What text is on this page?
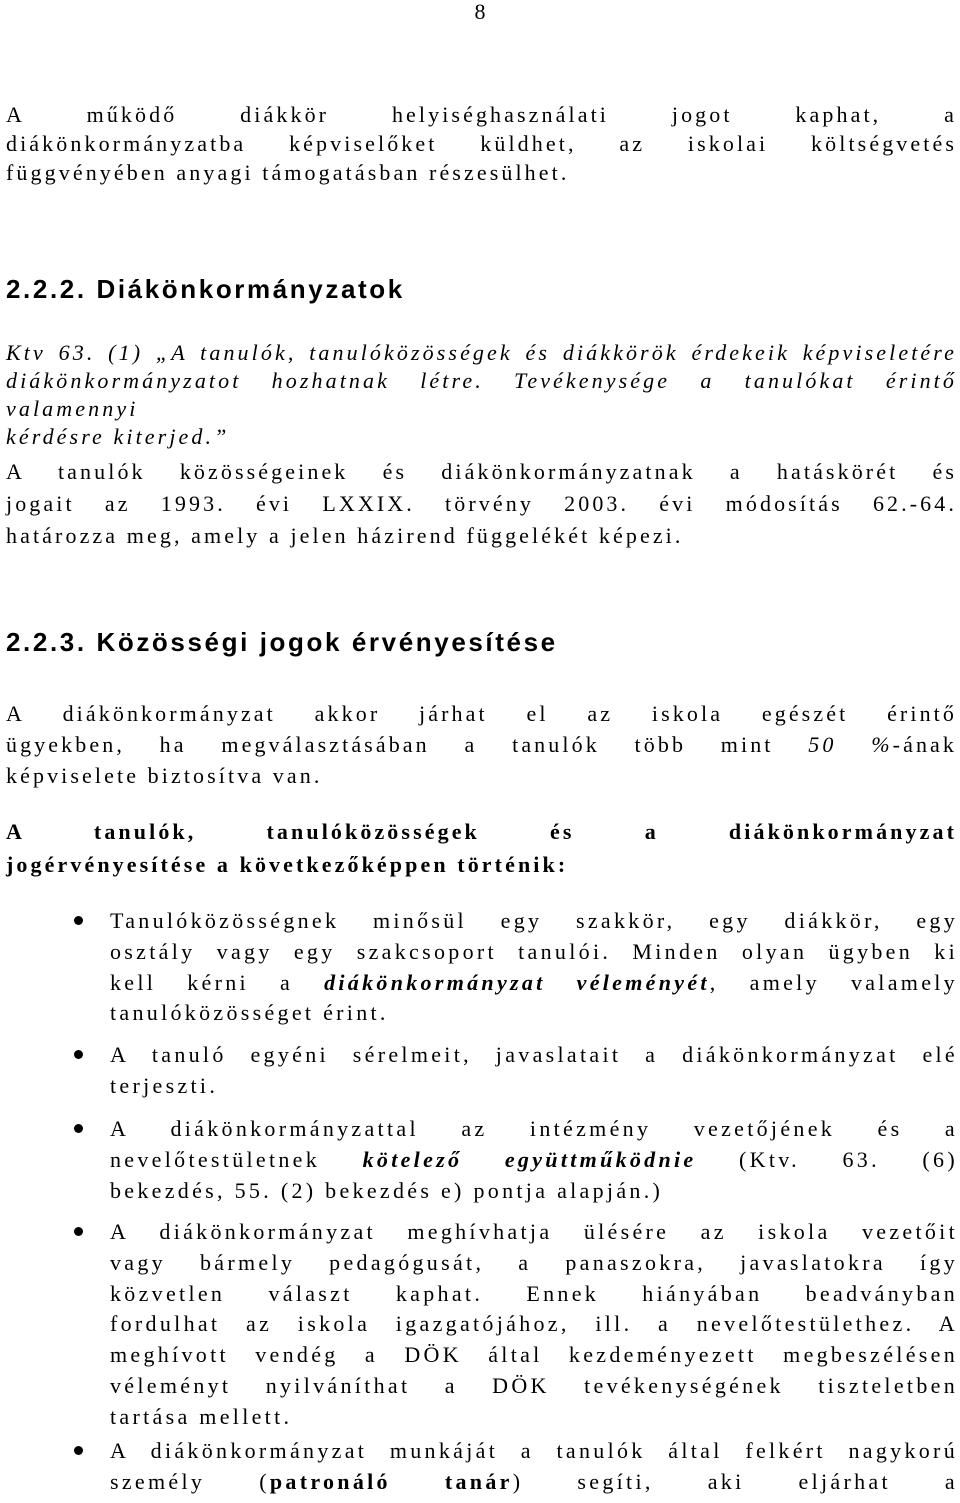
8

A működő diákkör helyiséghasználati jogot kaphat, a

diákönkormányzatba képviselőket küldhet, az iskolai költségvetés

függvényében anyagi támogatásban részesülhet.

2.2.2. Diákönkormányzatok

Ktv 63. (1) „A tanulók, tanulóközösségek és diákkörök érdekeik képviseletére

diákönkormányzatot hozhatnak létre. Tevékenysége a tanulókat érintő valamennyi

kérdésre kiterjed.”

A tanulók közösségeinek és diákönkormányzatnak a hatáskörét és

jogait az 1993. évi LXXIX. törvény 2003. évi módosítás 62.-64.

határozza meg, amely a jelen házirend függelékét képezi.

2.2.3. Közösségi jogok érvényesítése

A diákönkormányzat akkor járhat el az iskola egészét érintő

ügyekben, ha megválasztásában a tanulók több mint 50 %-ának

képviselete biztosítva van.

A tanulók, tanulóközösségek és a diákönkormányzat

jogérvényesítése a következőképpen történik:

Tanulóközösségnek minősül egy szakkör, egy diákkör, egy

osztály vagy egy szakcsoport tanulói. Minden olyan ügyben ki

kell kérni a diákönkormányzat véleményét, amely valamely

tanulóközösséget érint.

A tanuló egyéni sérelmeit, javaslatait a diákönkormányzat elé

terjeszti.

A diákönkormányzattal az intézmény vezetőjének és a

nevelőtestületnek kötelező együttműködnie (Ktv. 63. (6)

bekezdés, 55. (2) bekezdés e) pontja alapján.)

A diákönkormányzat meghívhatja ülésére az iskola vezetőit

vagy bármely pedagógusát, a panaszokra, javaslatokra így

közvetlen választ kaphat. Ennek hiányában beadványban

fordulhat az iskola igazgatójához, ill. a nevelőtestülethez. A

meghívott vendég a DÖK által kezdeményezett megbeszélésen

véleményt nyilváníthat a DÖK tevékenységének tiszteletben

tartása mellett.

A diákönkormányzat munkáját a tanulók által felkért nagykorú

személy (patronáló tanár) segíti, aki eljárhat a
